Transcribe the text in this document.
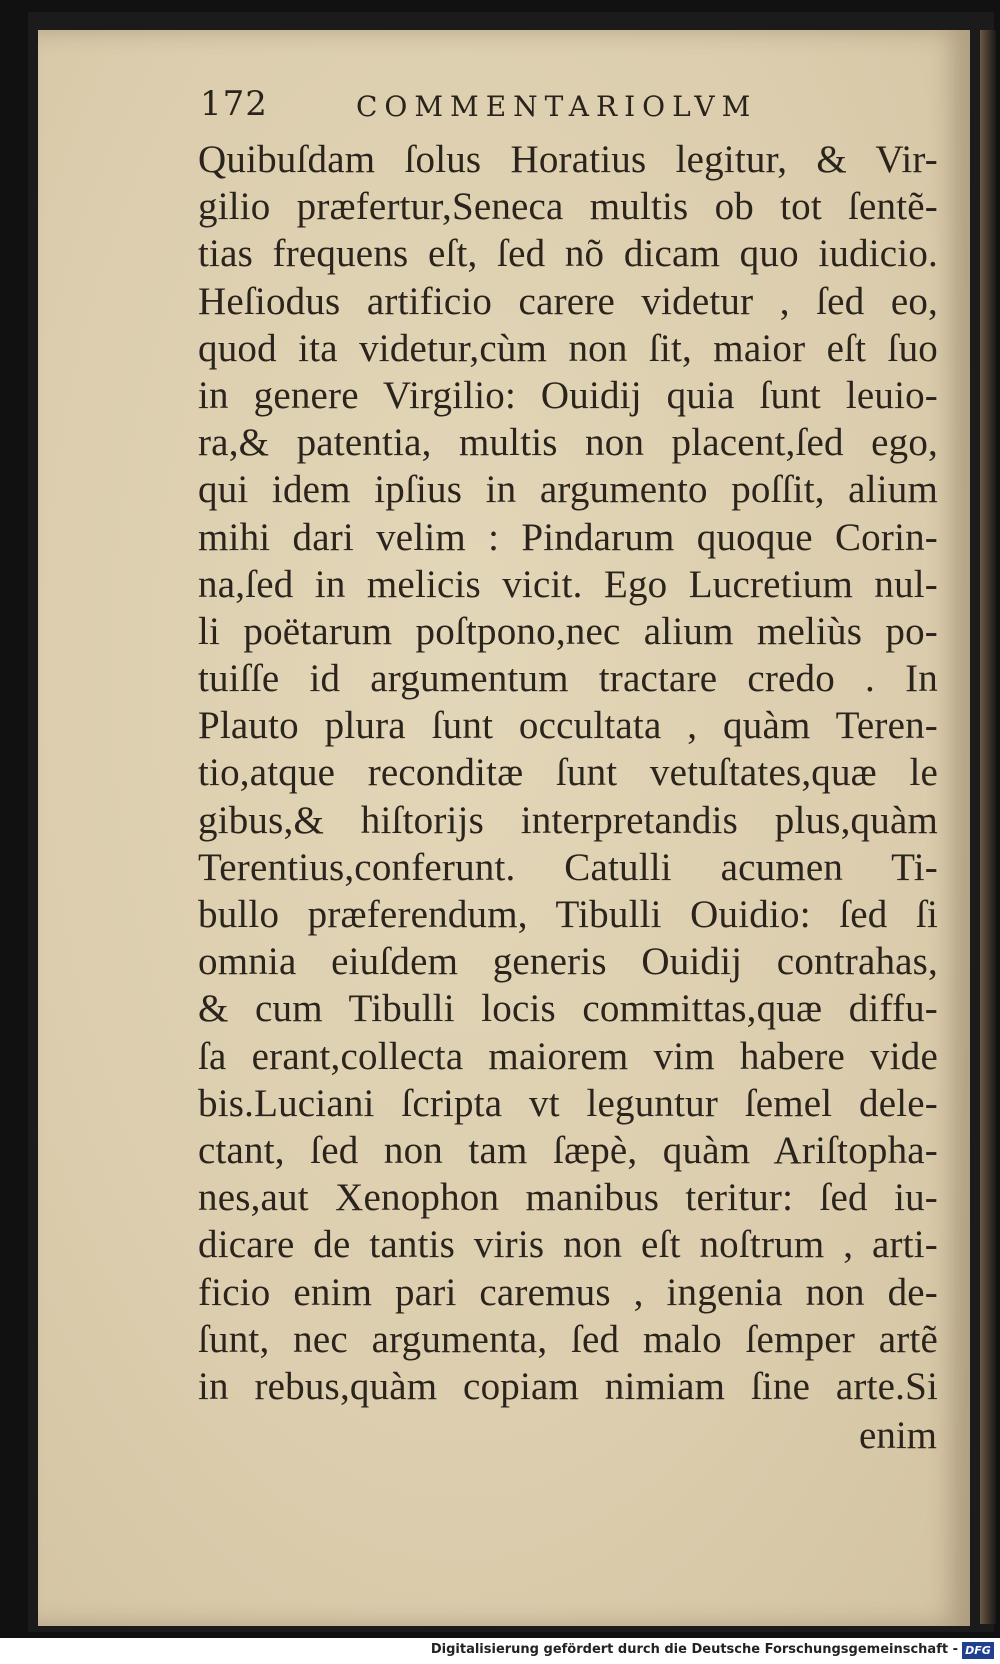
172	COMMENTARIOLVM
Quibuſdam ſolus Horatius legitur, & Vir-
gilio præfertur,Seneca multis ob tot ſentẽ-
tias frequens eſt, ſed nõ dicam quo iudicio.
Heſiodus artificio carere videtur , ſed eo,
quod ita videtur,cùm non ſit, maior eſt ſuo
in genere Virgilio: Ouidij quia ſunt leuio-
ra,& patentia, multis non placent,ſed ego,
qui idem ipſius in argumento poſſit, alium
mihi dari velim : Pindarum quoque Corin-
na,ſed in melicis vicit. Ego Lucretium nul-
li poëtarum poſtpono,nec alium meliùs po-
tuiſſe id argumentum tractare credo . In
Plauto plura ſunt occultata , quàm Teren-
tio,atque reconditæ ſunt vetuſtates,quæ le
gibus,& hiſtorijs interpretandis plus,quàm
Terentius,conferunt. Catulli acumen Ti-
bullo præferendum, Tibulli Ouidio: ſed ſi
omnia eiuſdem generis Ouidij contrahas,
& cum Tibulli locis committas,quæ diffu-
ſa erant,collecta maiorem vim habere vide
bis.Luciani ſcripta vt leguntur ſemel dele-
ctant, ſed non tam ſæpè, quàm Ariſtopha-
nes,aut Xenophon manibus teritur: ſed iu-
dicare de tantis viris non eſt noſtrum , arti-
ficio enim pari caremus , ingenia non de-
ſunt, nec argumenta, ſed malo ſemper artẽ
in rebus,quàm copiam nimiam ſine arte.Si
enim
Digitalisierung gefördert durch die Deutsche Forschungsgemeinschaft - DFG
